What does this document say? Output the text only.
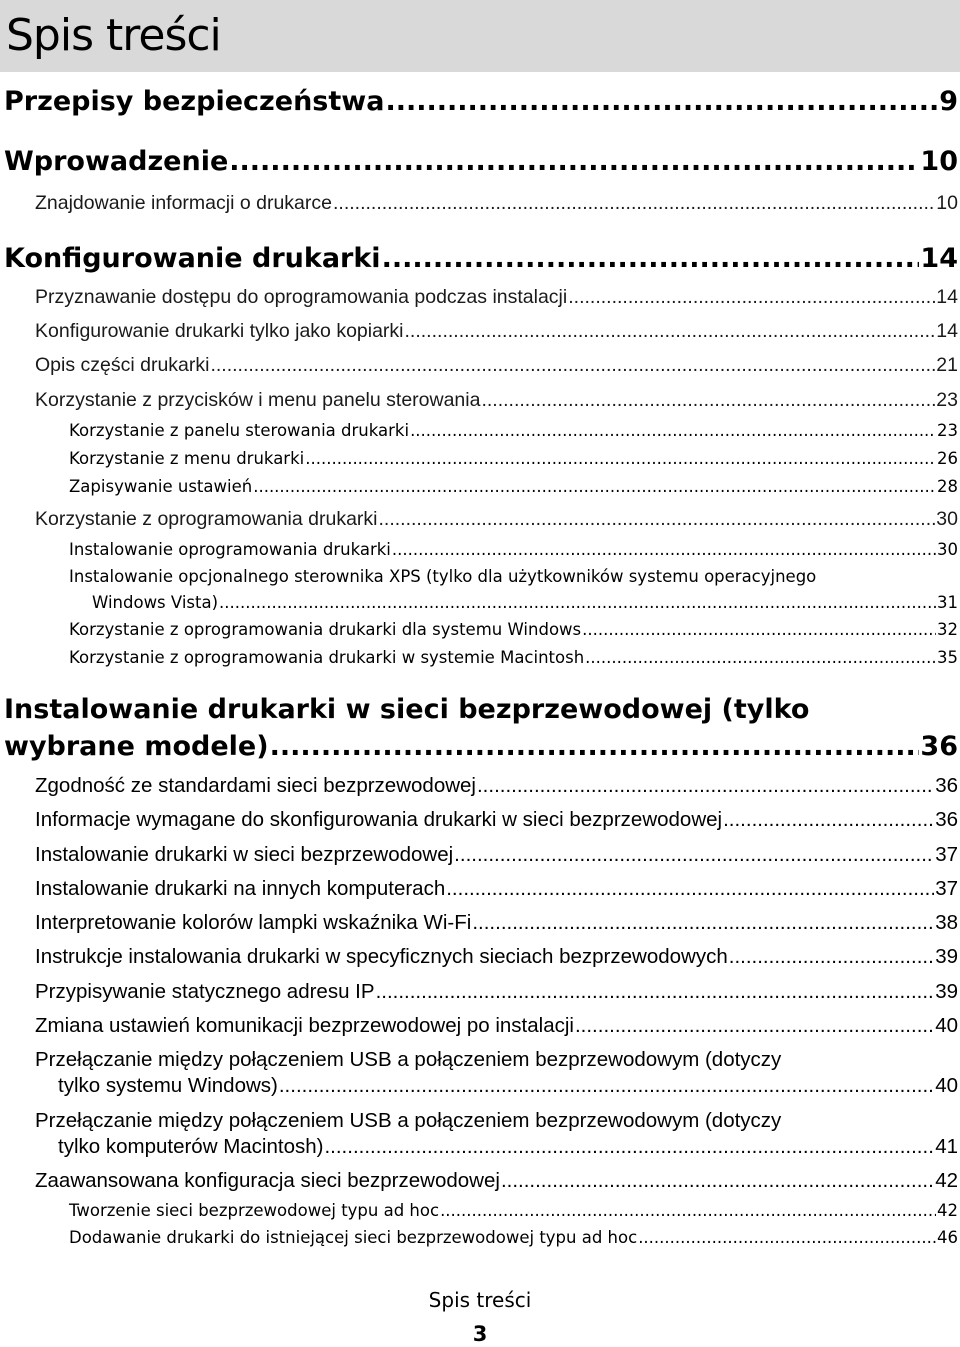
Spis treści
Przepisy bezpieczeństwa .....	9
Wprowadzenie .....	10
Znajdowanie informacji o drukarce .....	10
Konfigurowanie drukarki .....	14
Przyznawanie dostępu do oprogramowania podczas instalacji .....	14
Konfigurowanie drukarki tylko jako kopiarki .....	14
Opis części drukarki .....	21
Korzystanie z przycisków i menu panelu sterowania .....	23
Korzystanie z panelu sterowania drukarki .....	23
Korzystanie z menu drukarki .....	26
Zapisywanie ustawień .....	28
Korzystanie z oprogramowania drukarki .....	30
Instalowanie oprogramowania drukarki .....	30
Instalowanie opcjonalnego sterownika XPS (tylko dla użytkowników systemu operacyjnego
Windows Vista) .....	31
Korzystanie z oprogramowania drukarki dla systemu Windows .....	32
Korzystanie z oprogramowania drukarki w systemie Macintosh .....	35
Instalowanie drukarki w sieci bezprzewodowej (tylko
wybrane modele) .....	36
Zgodność ze standardami sieci bezprzewodowej .....	36
Informacje wymagane do skonfigurowania drukarki w sieci bezprzewodowej .....	36
Instalowanie drukarki w sieci bezprzewodowej .....	37
Instalowanie drukarki na innych komputerach .....	37
Interpretowanie kolorów lampki wskaźnika Wi-Fi .....	38
Instrukcje instalowania drukarki w specyficznych sieciach bezprzewodowych .....	39
Przypisywanie statycznego adresu IP .....	39
Zmiana ustawień komunikacji bezprzewodowej po instalacji .....	40
Przełączanie między połączeniem USB a połączeniem bezprzewodowym (dotyczy
tylko systemu Windows) .....	40
Przełączanie między połączeniem USB a połączeniem bezprzewodowym (dotyczy
tylko komputerów Macintosh) .....	41
Zaawansowana konfiguracja sieci bezprzewodowej .....	42
Tworzenie sieci bezprzewodowej typu ad hoc .....	42
Dodawanie drukarki do istniejącej sieci bezprzewodowej typu ad hoc .....	46
Spis treści
3
